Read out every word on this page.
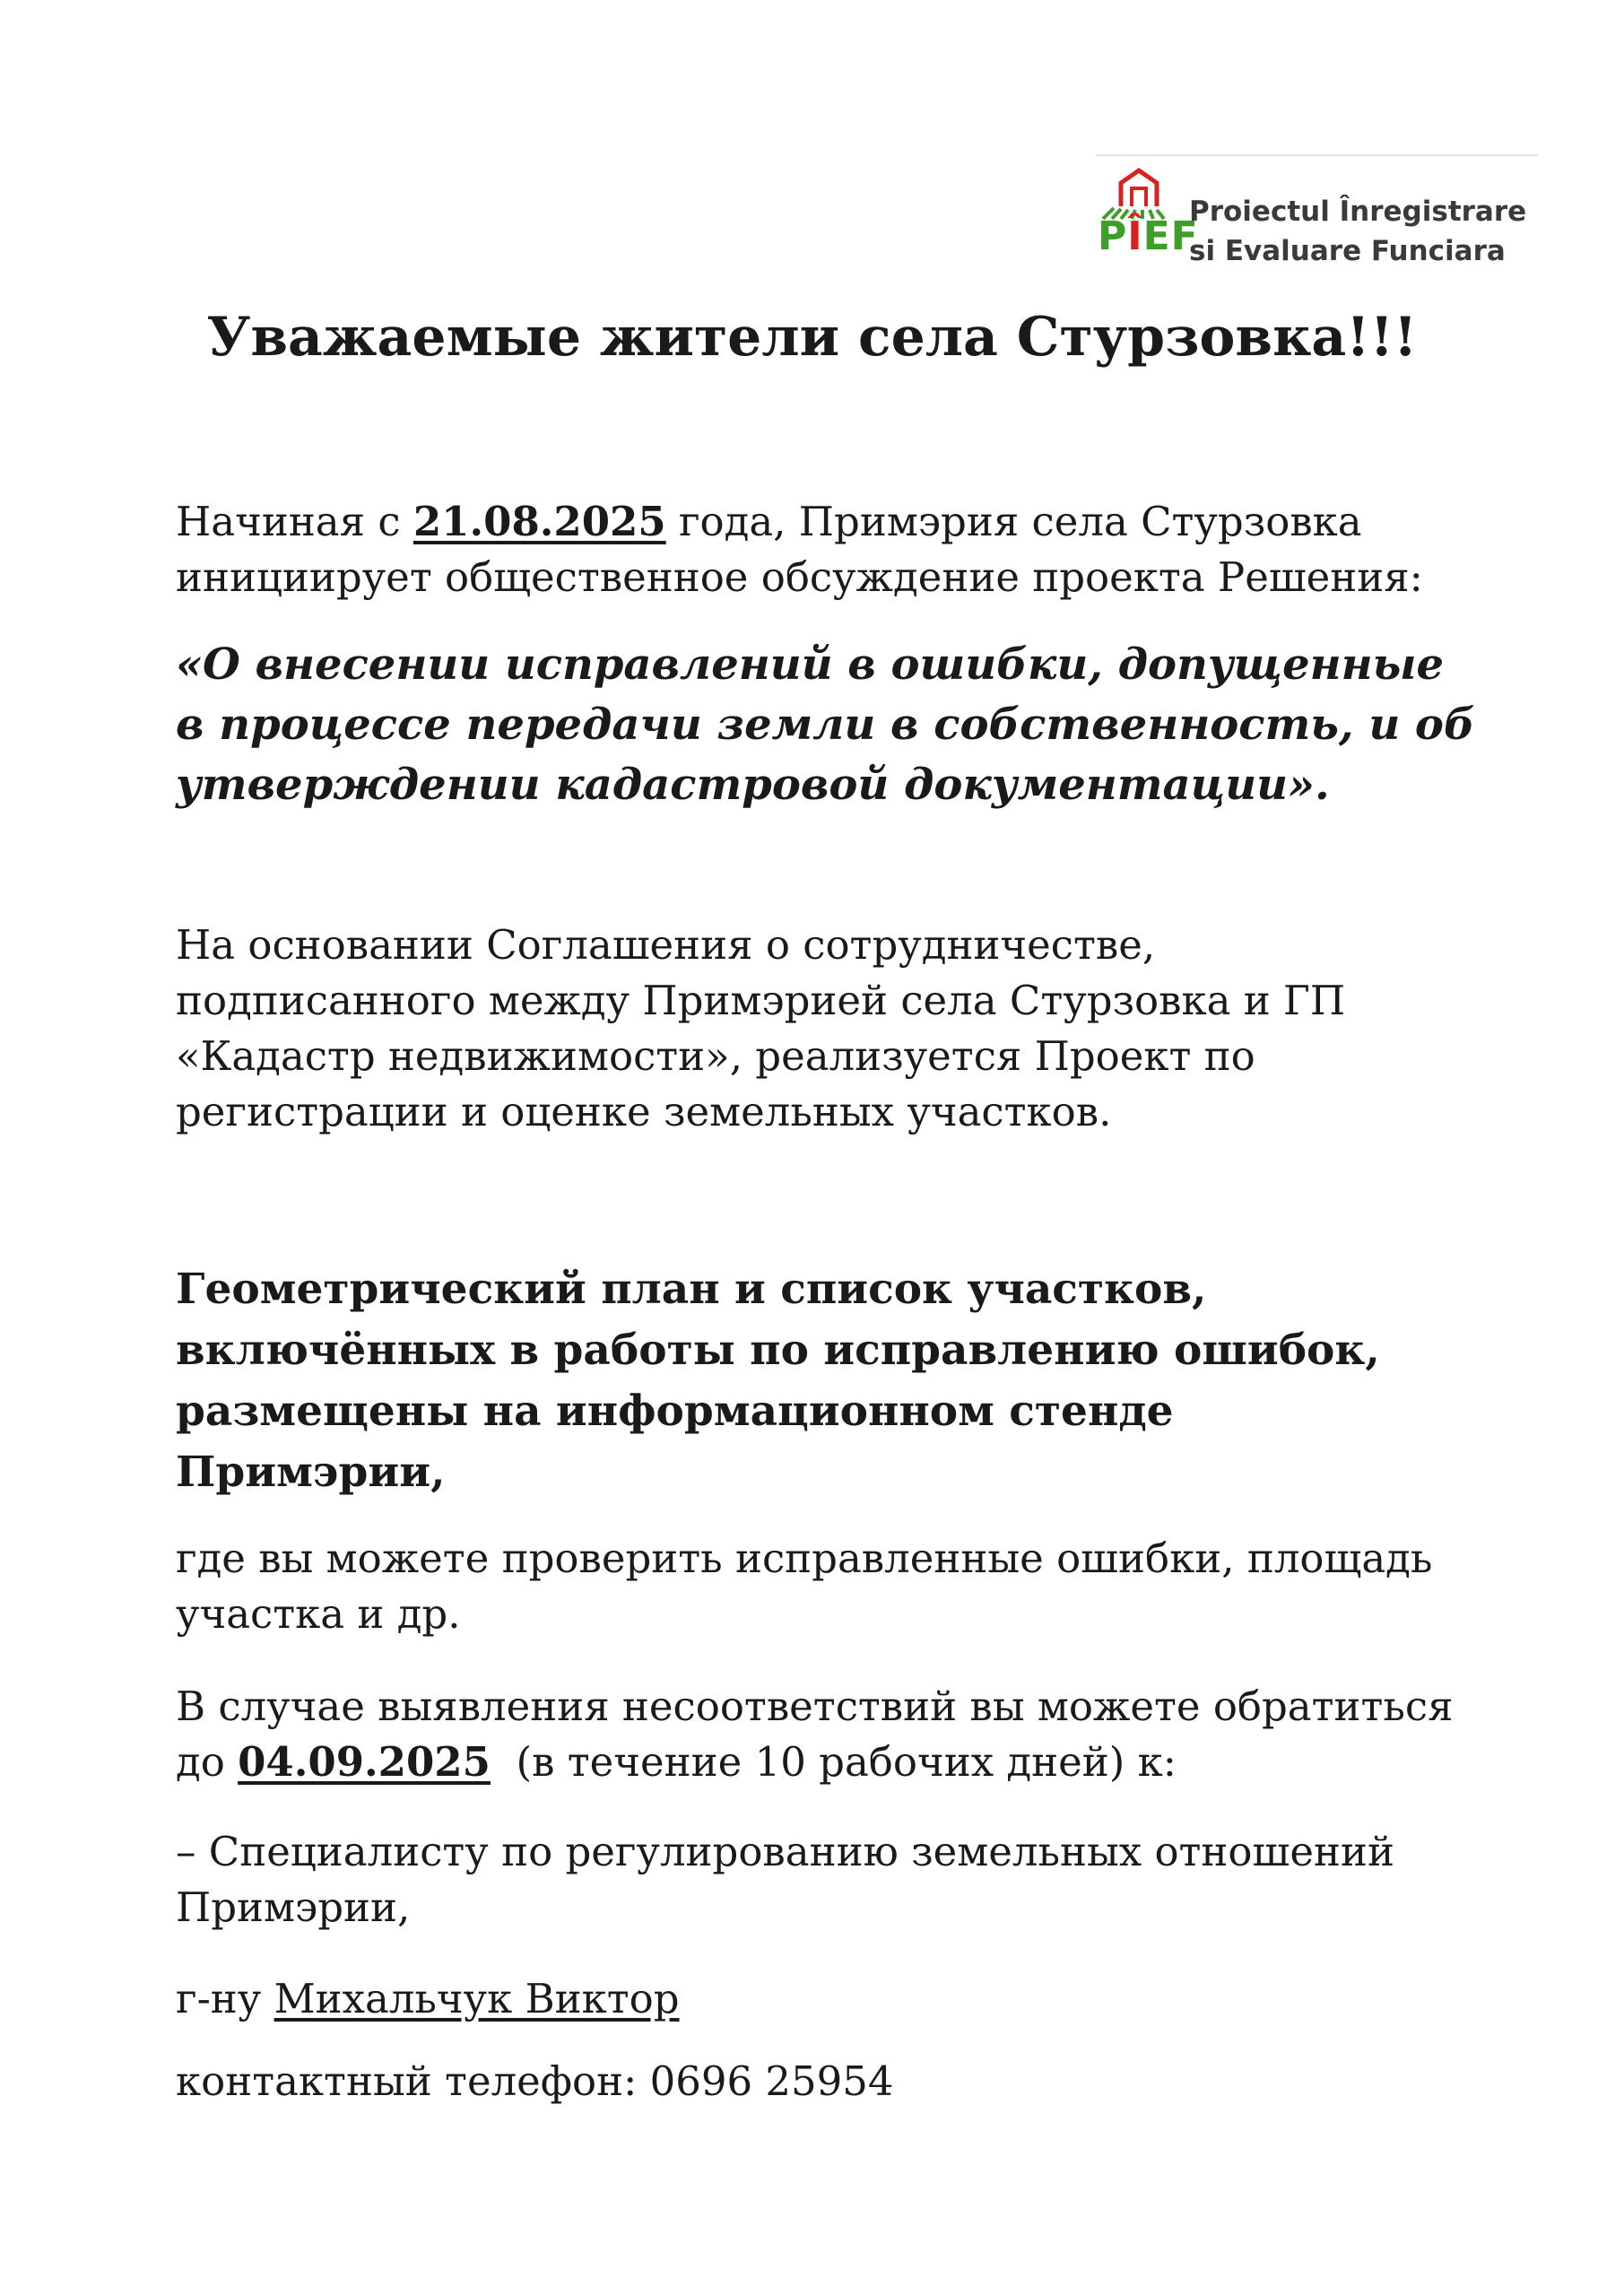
PÎEF
Proiectul Înregistrare
si Evaluare Funciara
Уважаемые жители села Стурзовка!!!

Начиная с 21.08.2025 года, Примэрия села Стурзовка
инициирует общественное обсуждение проекта Решения:

«О внесении исправлений в ошибки, допущенные
в процессе передачи земли в собственность, и об
утверждении кадастровой документации».

На основании Соглашения о сотрудничестве,
подписанного между Примэрией села Стурзовка и ГП
«Кадастр недвижимости», реализуется Проект по
регистрации и оценке земельных участков.

Геометрический план и список участков,
включённых в работы по исправлению ошибок,
размещены на информационном стенде
Примэрии,

где вы можете проверить исправленные ошибки, площадь
участка и др.

В случае выявления несоответствий вы можете обратиться
до 04.09.2025  (в течение 10 рабочих дней) к:

– Специалисту по регулированию земельных отношений
Примэрии,

г-ну Михальчук Виктор

контактный телефон: 0696 25954
